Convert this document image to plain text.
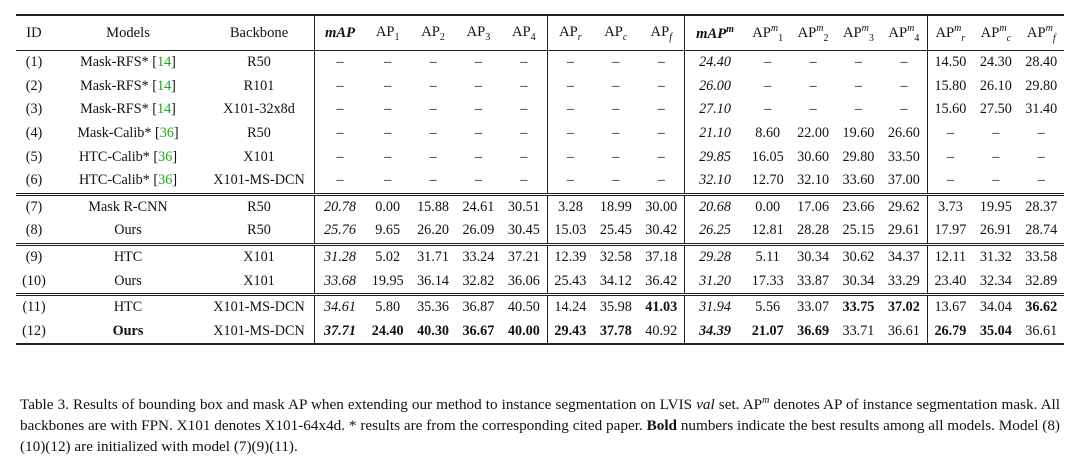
ID	Models	Backbone	mAP	$AP_1$	$AP_2$	$AP_3$	$AP_4$	$AP_r$	$AP_c$	$AP_f$	mAP$^m$	$AP^m_1$	$AP^m_2$	$AP^m_3$	$AP^m_4$	$AP^m_r$	$AP^m_c$	$AP^m_f$
(1)	Mask-RFS* [14]	R50	–	–	–	–	–	–	–	–	24.40	–	–	–	–	14.50	24.30	28.40
(2)	Mask-RFS* [14]	R101	–	–	–	–	–	–	–	–	26.00	–	–	–	–	15.80	26.10	29.80
(3)	Mask-RFS* [14]	X101-32x8d	–	–	–	–	–	–	–	–	27.10	–	–	–	–	15.60	27.50	31.40
(4)	Mask-Calib* [36]	R50	–	–	–	–	–	–	–	–	21.10	8.60	22.00	19.60	26.60	–	–	–
(5)	HTC-Calib* [36]	X101	–	–	–	–	–	–	–	–	29.85	16.05	30.60	29.80	33.50	–	–	–
(6)	HTC-Calib* [36]	X101-MS-DCN	–	–	–	–	–	–	–	–	32.10	12.70	32.10	33.60	37.00	–	–	–
(7)	Mask R-CNN	R50	20.78	0.00	15.88	24.61	30.51	3.28	18.99	30.00	20.68	0.00	17.06	23.66	29.62	3.73	19.95	28.37
(8)	Ours	R50	25.76	9.65	26.20	26.09	30.45	15.03	25.45	30.42	26.25	12.81	28.28	25.15	29.61	17.97	26.91	28.74
(9)	HTC	X101	31.28	5.02	31.71	33.24	37.21	12.39	32.58	37.18	29.28	5.11	30.34	30.62	34.37	12.11	31.32	33.58
(10)	Ours	X101	33.68	19.95	36.14	32.82	36.06	25.43	34.12	36.42	31.20	17.33	33.87	30.34	33.29	23.40	32.34	32.89
(11)	HTC	X101-MS-DCN	34.61	5.80	35.36	36.87	40.50	14.24	35.98	41.03	31.94	5.56	33.07	33.75	37.02	13.67	34.04	36.62
(12)	Ours	X101-MS-DCN	37.71	24.40	40.30	36.67	40.00	29.43	37.78	40.92	34.39	21.07	36.69	33.71	36.61	26.79	35.04	36.61
Table 3. Results of bounding box and mask AP when extending our method to instance segmentation on LVIS val set. $AP^m$ denotes AP of instance segmentation mask. All backbones are with FPN. X101 denotes X101-64x4d. * results are from the corresponding cited paper. Bold numbers indicate the best results among all models. Model (8)(10)(12) are initialized with model (7)(9)(11).
